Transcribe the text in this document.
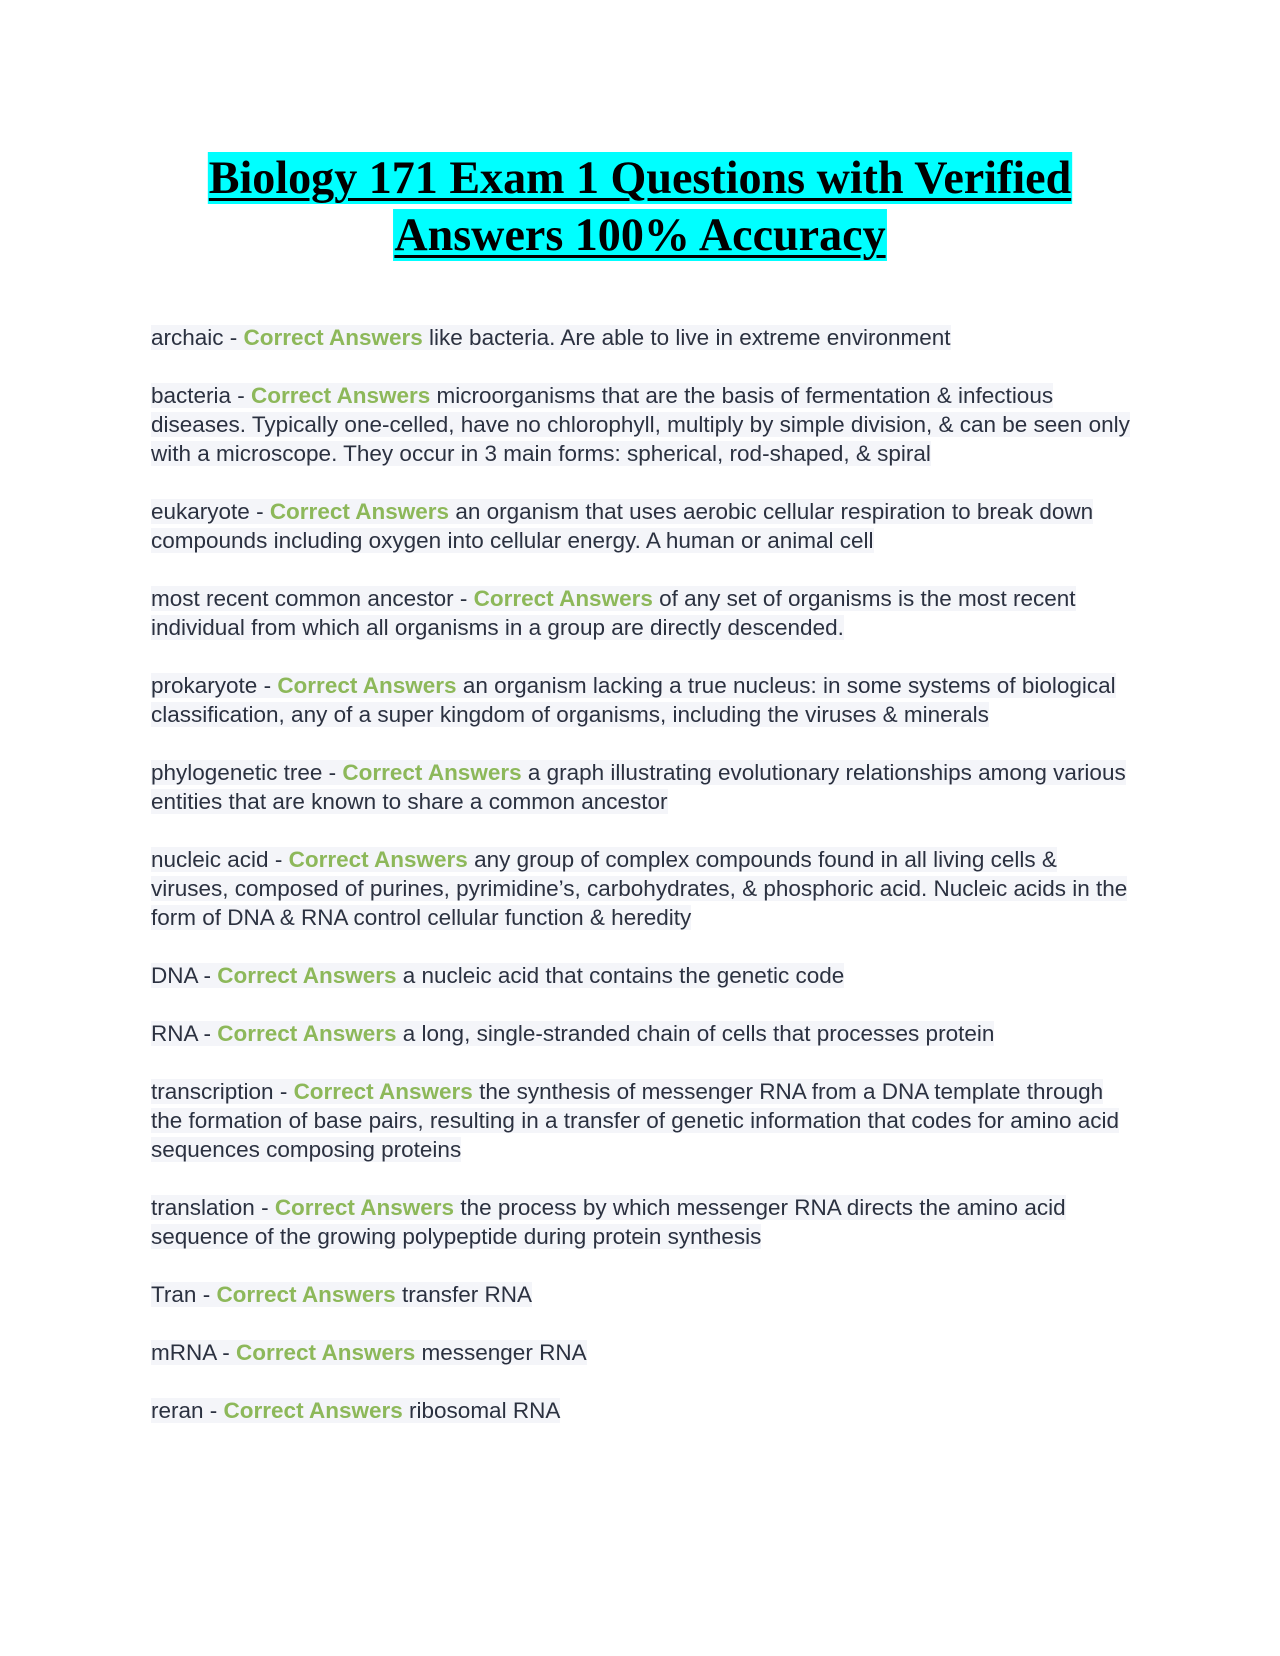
Biology 171 Exam 1 Questions with Verified Answers 100% Accuracy
archaic - Correct Answers like bacteria. Are able to live in extreme environment
bacteria - Correct Answers microorganisms that are the basis of fermentation & infectious diseases. Typically one-celled, have no chlorophyll, multiply by simple division, & can be seen only with a microscope. They occur in 3 main forms: spherical, rod-shaped, & spiral
eukaryote - Correct Answers an organism that uses aerobic cellular respiration to break down compounds including oxygen into cellular energy. A human or animal cell
most recent common ancestor - Correct Answers of any set of organisms is the most recent individual from which all organisms in a group are directly descended.
prokaryote - Correct Answers an organism lacking a true nucleus: in some systems of biological classification, any of a super kingdom of organisms, including the viruses & minerals
phylogenetic tree - Correct Answers a graph illustrating evolutionary relationships among various entities that are known to share a common ancestor
nucleic acid - Correct Answers any group of complex compounds found in all living cells & viruses, composed of purines, pyrimidine’s, carbohydrates, & phosphoric acid. Nucleic acids in the form of DNA & RNA control cellular function & heredity
DNA - Correct Answers a nucleic acid that contains the genetic code
RNA - Correct Answers a long, single-stranded chain of cells that processes protein
transcription - Correct Answers the synthesis of messenger RNA from a DNA template through the formation of base pairs, resulting in a transfer of genetic information that codes for amino acid sequences composing proteins
translation - Correct Answers the process by which messenger RNA directs the amino acid sequence of the growing polypeptide during protein synthesis
Tran - Correct Answers transfer RNA
mRNA - Correct Answers messenger RNA
reran - Correct Answers ribosomal RNA
